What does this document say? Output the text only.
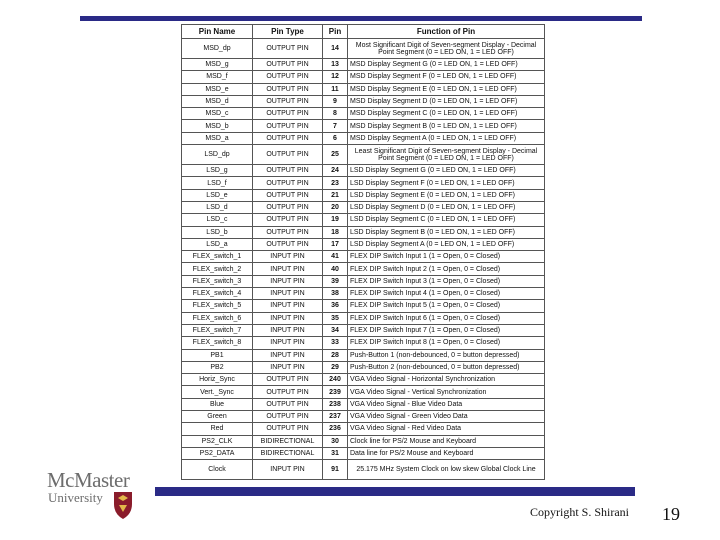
Pin Name	Pin Type	Pin	Function of Pin
MSD_dp	OUTPUT PIN	14	Most Significant Digit of Seven-segment Display - Decimal Point Segment (0 = LED ON, 1 = LED OFF)
MSD_g	OUTPUT PIN	13	MSD Display Segment G (0 = LED ON, 1 = LED OFF)
MSD_f	OUTPUT PIN	12	MSD Display Segment F (0 = LED ON, 1 = LED OFF)
MSD_e	OUTPUT PIN	11	MSD Display Segment E (0 = LED ON, 1 = LED OFF)
MSD_d	OUTPUT PIN	9	MSD Display Segment D (0 = LED ON, 1 = LED OFF)
MSD_c	OUTPUT PIN	8	MSD Display Segment C (0 = LED ON, 1 = LED OFF)
MSD_b	OUTPUT PIN	7	MSD Display Segment B (0 = LED ON, 1 = LED OFF)
MSD_a	OUTPUT PIN	6	MSD Display Segment A (0 = LED ON, 1 = LED OFF)
LSD_dp	OUTPUT PIN	25	Least Significant Digit of Seven-segment Display - Decimal Point Segment (0 = LED ON, 1 = LED OFF)
LSD_g	OUTPUT PIN	24	LSD Display Segment G (0 = LED ON, 1 = LED OFF)
LSD_f	OUTPUT PIN	23	LSD Display Segment F (0 = LED ON, 1 = LED OFF)
LSD_e	OUTPUT PIN	21	LSD Display Segment E (0 = LED ON, 1 = LED OFF)
LSD_d	OUTPUT PIN	20	LSD Display Segment D (0 = LED ON, 1 = LED OFF)
LSD_c	OUTPUT PIN	19	LSD Display Segment C (0 = LED ON, 1 = LED OFF)
LSD_b	OUTPUT PIN	18	LSD Display Segment B (0 = LED ON, 1 = LED OFF)
LSD_a	OUTPUT PIN	17	LSD Display Segment A (0 = LED ON, 1 = LED OFF)
FLEX_switch_1	INPUT PIN	41	FLEX DIP Switch Input 1 (1 = Open, 0 = Closed)
FLEX_switch_2	INPUT PIN	40	FLEX DIP Switch Input 2 (1 = Open, 0 = Closed)
FLEX_switch_3	INPUT PIN	39	FLEX DIP Switch Input 3 (1 = Open, 0 = Closed)
FLEX_switch_4	INPUT PIN	38	FLEX DIP Switch Input 4 (1 = Open, 0 = Closed)
FLEX_switch_5	INPUT PIN	36	FLEX DIP Switch Input 5 (1 = Open, 0 = Closed)
FLEX_switch_6	INPUT PIN	35	FLEX DIP Switch Input 6 (1 = Open, 0 = Closed)
FLEX_switch_7	INPUT PIN	34	FLEX DIP Switch Input 7 (1 = Open, 0 = Closed)
FLEX_switch_8	INPUT PIN	33	FLEX DIP Switch Input 8 (1 = Open, 0 = Closed)
PB1	INPUT PIN	28	Push-Button 1 (non-debounced, 0 = button depressed)
PB2	INPUT PIN	29	Push-Button 2 (non-debounced, 0 = button depressed)
Horiz_Sync	OUTPUT PIN	240	VGA Video Signal - Horizontal Synchronization
Vert._Sync	OUTPUT PIN	239	VGA Video Signal - Vertical Synchronization
Blue	OUTPUT PIN	238	VGA Video Signal - Blue Video Data
Green	OUTPUT PIN	237	VGA Video Signal - Green Video Data
Red	OUTPUT PIN	236	VGA Video Signal - Red Video Data
PS2_CLK	BIDIRECTIONAL	30	Clock line for PS/2 Mouse and Keyboard
PS2_DATA	BIDIRECTIONAL	31	Data line for PS/2 Mouse and Keyboard
Clock	INPUT PIN	91	25.175 MHz System Clock on low skew Global Clock Line
McMaster
University
Copyright S. Shirani 19
